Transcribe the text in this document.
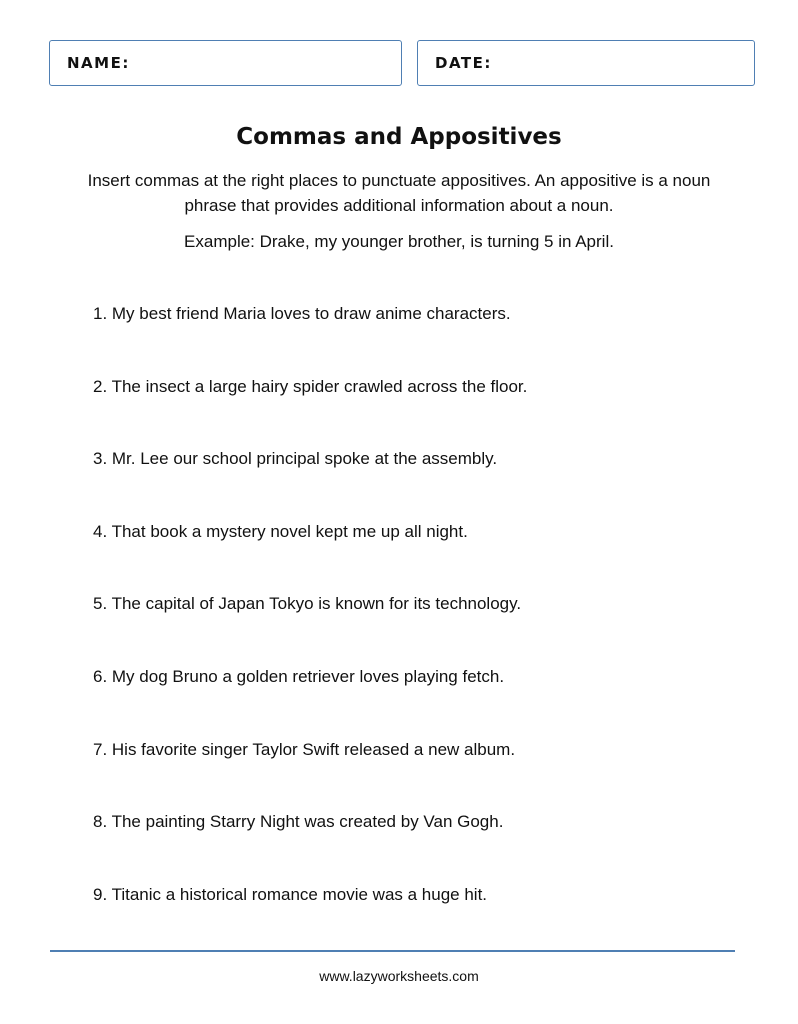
NAME:	DATE:
Commas and Appositives

Insert commas at the right places to punctuate appositives. An appositive is a noun phrase that provides additional information about a noun.

Example: Drake, my younger brother, is turning 5 in April.

1. My best friend Maria loves to draw anime characters.
2. The insect a large hairy spider crawled across the floor.
3. Mr. Lee our school principal spoke at the assembly.
4. That book a mystery novel kept me up all night.
5. The capital of Japan Tokyo is known for its technology.
6. My dog Bruno a golden retriever loves playing fetch.
7. His favorite singer Taylor Swift released a new album.
8. The painting Starry Night was created by Van Gogh.
9. Titanic a historical romance movie was a huge hit.
www.lazyworksheets.com
